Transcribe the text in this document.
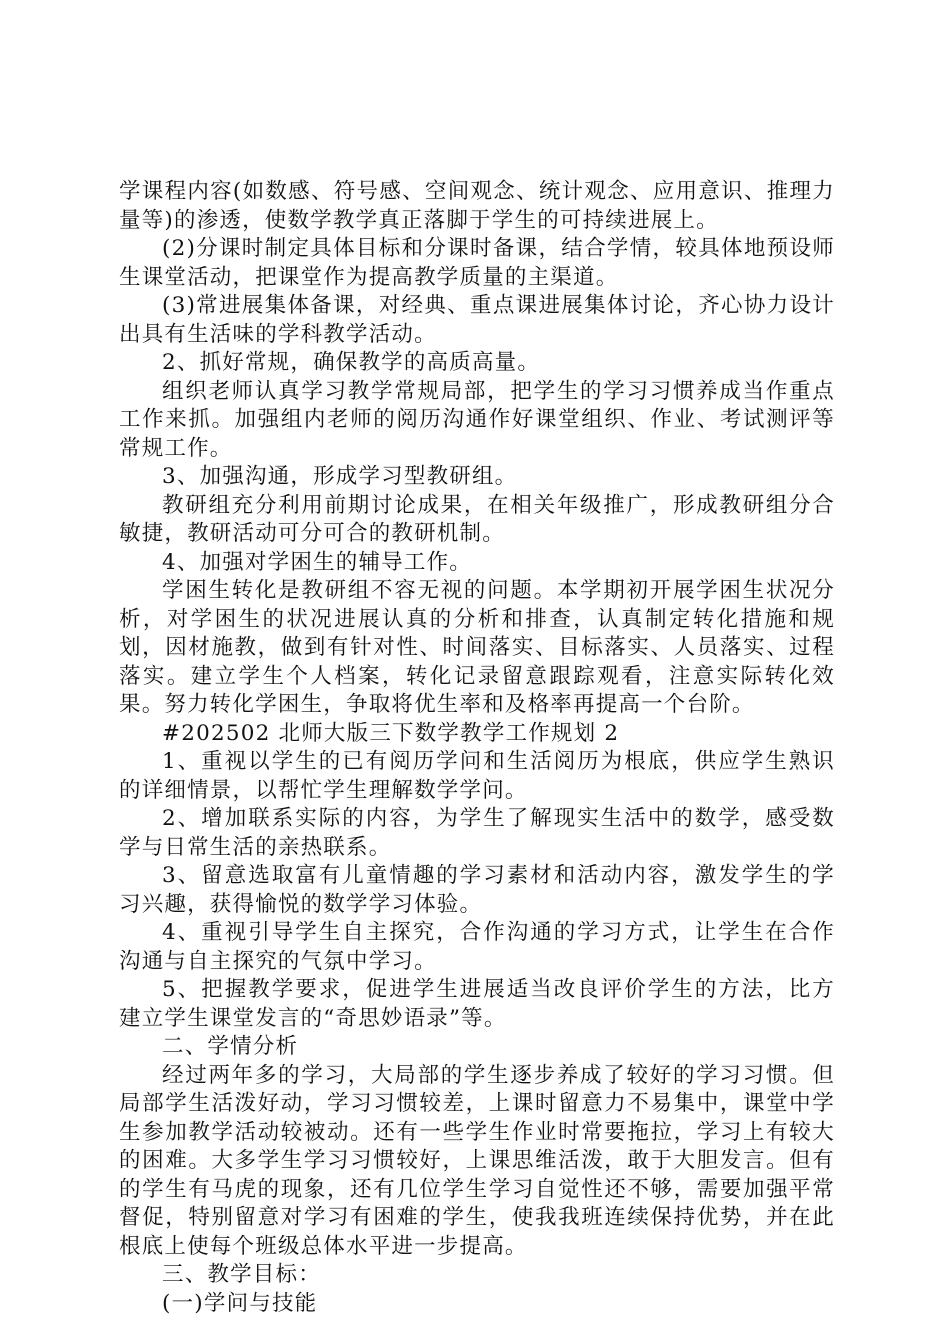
学课程内容(如数感、符号感、空间观念、统计观念、应用意识、推理力量等)的渗透，使数学教学真正落脚于学生的可持续进展上。

(2)分课时制定具体目标和分课时备课，结合学情，较具体地预设师生课堂活动，把课堂作为提高教学质量的主渠道。

(3)常进展集体备课，对经典、重点课进展集体讨论，齐心协力设计出具有生活味的学科教学活动。

2、抓好常规，确保教学的高质高量。

组织老师认真学习教学常规局部，把学生的学习习惯养成当作重点工作来抓。加强组内老师的阅历沟通作好课堂组织、作业、考试测评等常规工作。

3、加强沟通，形成学习型教研组。

教研组充分利用前期讨论成果，在相关年级推广，形成教研组分合敏捷，教研活动可分可合的教研机制。

4、加强对学困生的辅导工作。

学困生转化是教研组不容无视的问题。本学期初开展学困生状况分析，对学困生的状况进展认真的分析和排查，认真制定转化措施和规划，因材施教，做到有针对性、时间落实、目标落实、人员落实、过程落实。建立学生个人档案，转化记录留意跟踪观看，注意实际转化效果。努力转化学困生，争取将优生率和及格率再提高一个台阶。

#202502 北师大版三下数学教学工作规划 2

1、重视以学生的已有阅历学问和生活阅历为根底，供应学生熟识的详细情景，以帮忙学生理解数学学问。

2、增加联系实际的内容，为学生了解现实生活中的数学，感受数学与日常生活的亲热联系。

3、留意选取富有儿童情趣的学习素材和活动内容，激发学生的学习兴趣，获得愉悦的数学学习体验。

4、重视引导学生自主探究，合作沟通的学习方式，让学生在合作沟通与自主探究的气氛中学习。

5、把握教学要求，促进学生进展适当改良评价学生的方法，比方建立学生课堂发言的“奇思妙语录”等。

二、学情分析

经过两年多的学习，大局部的学生逐步养成了较好的学习习惯。但局部学生活泼好动，学习习惯较差，上课时留意力不易集中，课堂中学生参加教学活动较被动。还有一些学生作业时常要拖拉，学习上有较大的困难。大多学生学习习惯较好，上课思维活泼，敢于大胆发言。但有的学生有马虎的现象，还有几位学生学习自觉性还不够，需要加强平常督促，特别留意对学习有困难的学生，使我我班连续保持优势，并在此根底上使每个班级总体水平进一步提高。

三、教学目标：

(一)学问与技能
